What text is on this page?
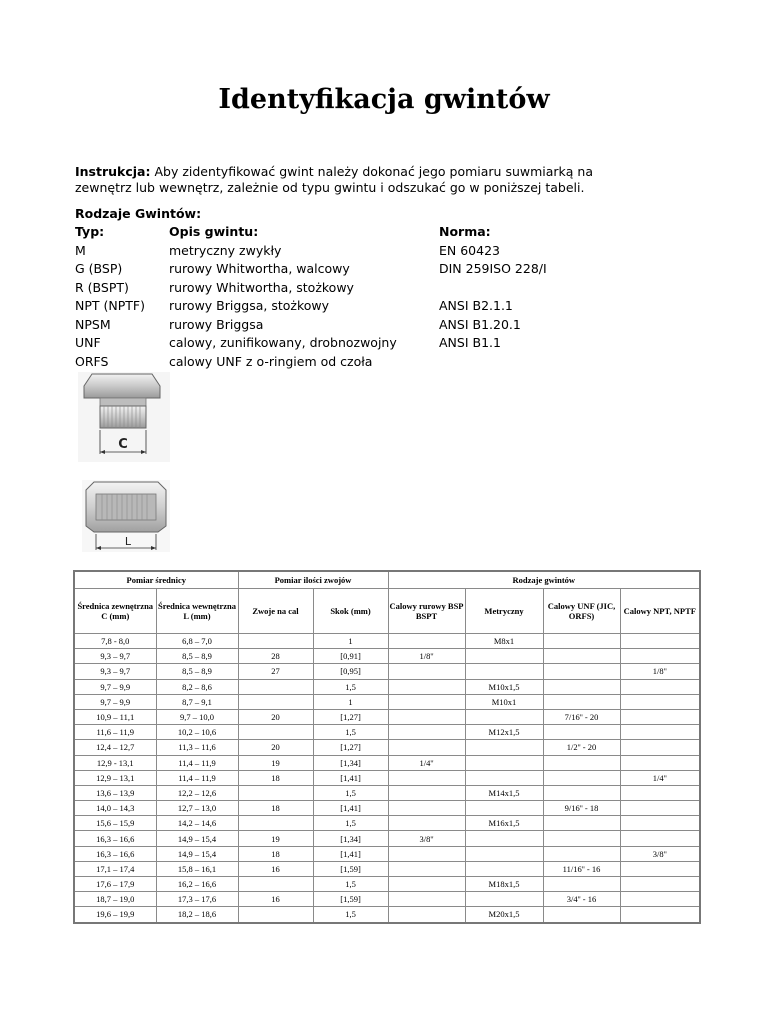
Identyfikacja gwintów
Instrukcja: Aby zidentyfikować gwint należy dokonać jego pomiaru suwmiarką na
zewnętrz lub wewnętrz, zależnie od typu gwintu i odszukać go w poniższej tabeli.
Rodzaje Gwintów:
Typ:	Opis gwintu:	Norma:
M	metryczny zwykły	EN 60423
G (BSP)	rurowy Whitwortha, walcowy	DIN 259ISO 228/I
R (BSPT)	rurowy Whitwortha, stożkowy
NPT (NPTF) rurowy Briggsa, stożkowy	ANSI B2.1.1
NPSM	rurowy Briggsa	ANSI B1.20.1
UNF	calowy, zunifikowany, drobnozwojny	ANSI B1.1
ORFS	calowy UNF z o-ringiem od czoła
C
L
Pomiar średnicy		Pomiar ilości zwojów		Rodzaje gwintów			
Średnica zewnętrzna C (mm)	Średnica wewnętrzna L (mm)	Zwoje na cal	Skok (mm)	Calowy rurowy BSP BSPT	Metryczny	Calowy UNF (JIC, ORFS)	Calowy NPT, NPTF
7,8 - 8,0	6,8 – 7,0		1		M8x1		
9,3 – 9,7	8,5 – 8,9	28	[0,91]	1/8''			
9,3 – 9,7	8,5 – 8,9	27	[0,95]				1/8''
9,7 – 9,9	8,2 – 8,6		1,5		M10x1,5		
9,7 – 9,9	8,7 – 9,1		1		M10x1		
10,9 – 11,1	9,7 – 10,0	20	[1,27]			7/16'' - 20	
11,6 – 11,9	10,2 – 10,6		1,5		M12x1,5		
12,4 – 12,7	11,3 – 11,6	20	[1,27]			1/2'' - 20	
12,9 - 13,1	11,4 – 11,9	19	[1,34]	1/4''			
12,9 – 13,1	11,4 – 11,9	18	[1,41]				1/4''
13,6 – 13,9	12,2 – 12,6		1,5		M14x1,5		
14,0 – 14,3	12,7 – 13,0	18	[1,41]			9/16'' - 18	
15,6 – 15,9	14,2 – 14,6		1,5		M16x1,5		
16,3 – 16,6	14,9 – 15,4	19	[1,34]	3/8''			
16,3 – 16,6	14,9 – 15,4	18	[1,41]				3/8''
17,1 – 17,4	15,8 – 16,1	16	[1,59]			11/16'' - 16	
17,6 – 17,9	16,2 – 16,6		1,5		M18x1,5		
18,7 – 19,0	17,3 – 17,6	16	[1,59]			3/4'' - 16	
19,6 – 19,9	18,2 – 18,6		1,5		M20x1,5		
